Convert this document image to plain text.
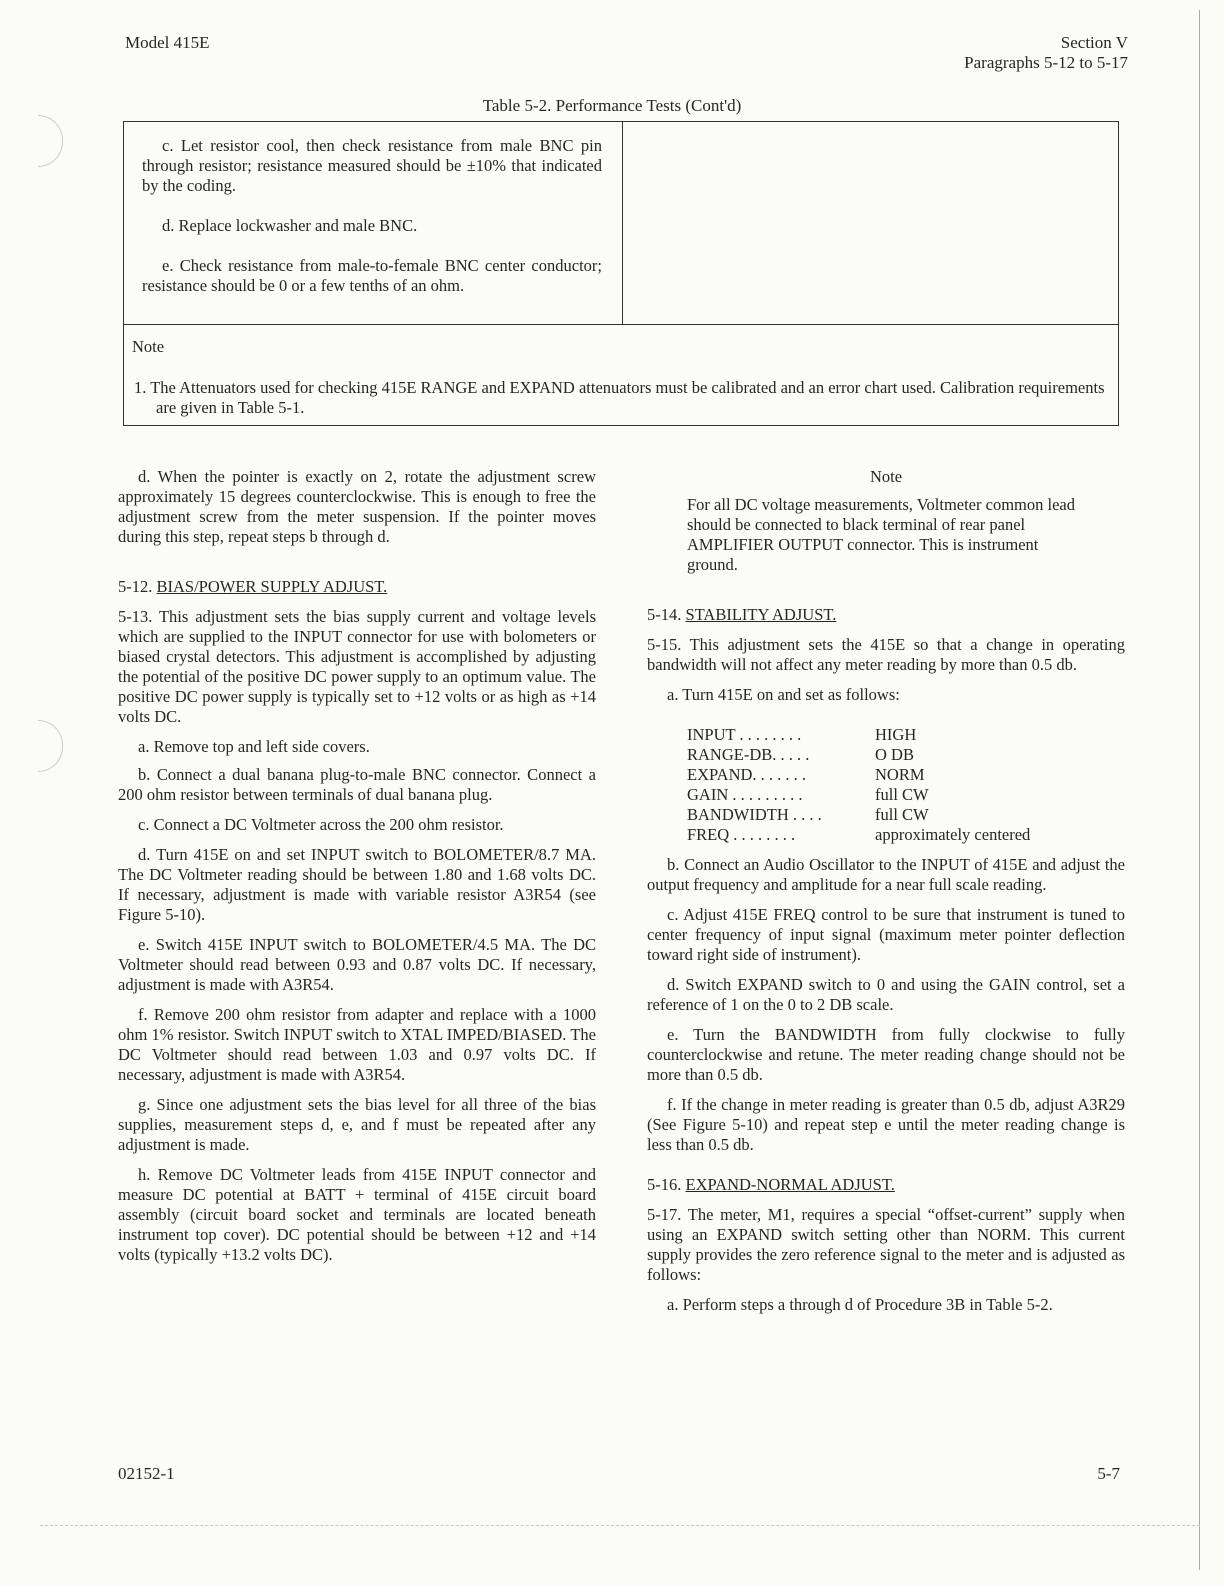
Model 415E	Section V
Paragraphs 5-12 to 5-17
Table 5-2. Performance Tests (Cont'd)

c. Let resistor cool, then check resistance from male BNC pin through resistor; resistance measured should be ±10% that indicated by the coding.

d. Replace lockwasher and male BNC.

e. Check resistance from male-to-female BNC center conductor; resistance should be 0 or a few tenths of an ohm.

Note
1. The Attenuators used for checking 415E RANGE and EXPAND attenuators must be calibrated and an error chart used. Calibration requirements are given in Table 5-1.

d. When the pointer is exactly on 2, rotate the adjustment screw approximately 15 degrees counterclockwise. This is enough to free the adjustment screw from the meter suspension. If the pointer moves during this step, repeat steps b through d.

5-12. BIAS/POWER SUPPLY ADJUST.

5-13. This adjustment sets the bias supply current and voltage levels which are supplied to the INPUT connector for use with bolometers or biased crystal detectors. This adjustment is accomplished by adjusting the potential of the positive DC power supply to an optimum value. The positive DC power supply is typically set to +12 volts or as high as +14 volts DC.

a. Remove top and left side covers.

b. Connect a dual banana plug-to-male BNC connector. Connect a 200 ohm resistor between terminals of dual banana plug.

c. Connect a DC Voltmeter across the 200 ohm resistor.

d. Turn 415E on and set INPUT switch to BOLOMETER/8.7 MA. The DC Voltmeter reading should be between 1.80 and 1.68 volts DC. If necessary, adjustment is made with variable resistor A3R54 (see Figure 5-10).

e. Switch 415E INPUT switch to BOLOMETER/4.5 MA. The DC Voltmeter should read between 0.93 and 0.87 volts DC. If necessary, adjustment is made with A3R54.

f. Remove 200 ohm resistor from adapter and replace with a 1000 ohm 1% resistor. Switch INPUT switch to XTAL IMPED/BIASED. The DC Voltmeter should read between 1.03 and 0.97 volts DC. If necessary, adjustment is made with A3R54.

g. Since one adjustment sets the bias level for all three of the bias supplies, measurement steps d, e, and f must be repeated after any adjustment is made.

h. Remove DC Voltmeter leads from 415E INPUT connector and measure DC potential at BATT + terminal of 415E circuit board assembly (circuit board socket and terminals are located beneath instrument top cover). DC potential should be between +12 and +14 volts (typically +13.2 volts DC).

Note

For all DC voltage measurements, Voltmeter common lead should be connected to black terminal of rear panel AMPLIFIER OUTPUT connector. This is instrument ground.

5-14. STABILITY ADJUST.

5-15. This adjustment sets the 415E so that a change in operating bandwidth will not affect any meter reading by more than 0.5 db.

a. Turn 415E on and set as follows:

INPUT . . . . . . . .	HIGH
RANGE-DB. . . . .	O DB
EXPAND. . . . . . .	NORM
GAIN . . . . . . . . .	full CW
BANDWIDTH . . . .	full CW
FREQ . . . . . . . .	approximately centered

b. Connect an Audio Oscillator to the INPUT of 415E and adjust the output frequency and amplitude for a near full scale reading.

c. Adjust 415E FREQ control to be sure that instrument is tuned to center frequency of input signal (maximum meter pointer deflection toward right side of instrument).

d. Switch EXPAND switch to 0 and using the GAIN control, set a reference of 1 on the 0 to 2 DB scale.

e. Turn the BANDWIDTH from fully clockwise to fully counterclockwise and retune. The meter reading change should not be more than 0.5 db.

f. If the change in meter reading is greater than 0.5 db, adjust A3R29 (See Figure 5-10) and repeat step e until the meter reading change is less than 0.5 db.

5-16. EXPAND-NORMAL ADJUST.

5-17. The meter, M1, requires a special “offset-current” supply when using an EXPAND switch setting other than NORM. This current supply provides the zero reference signal to the meter and is adjusted as follows:

a. Perform steps a through d of Procedure 3B in Table 5-2.

02152-1	5-7
